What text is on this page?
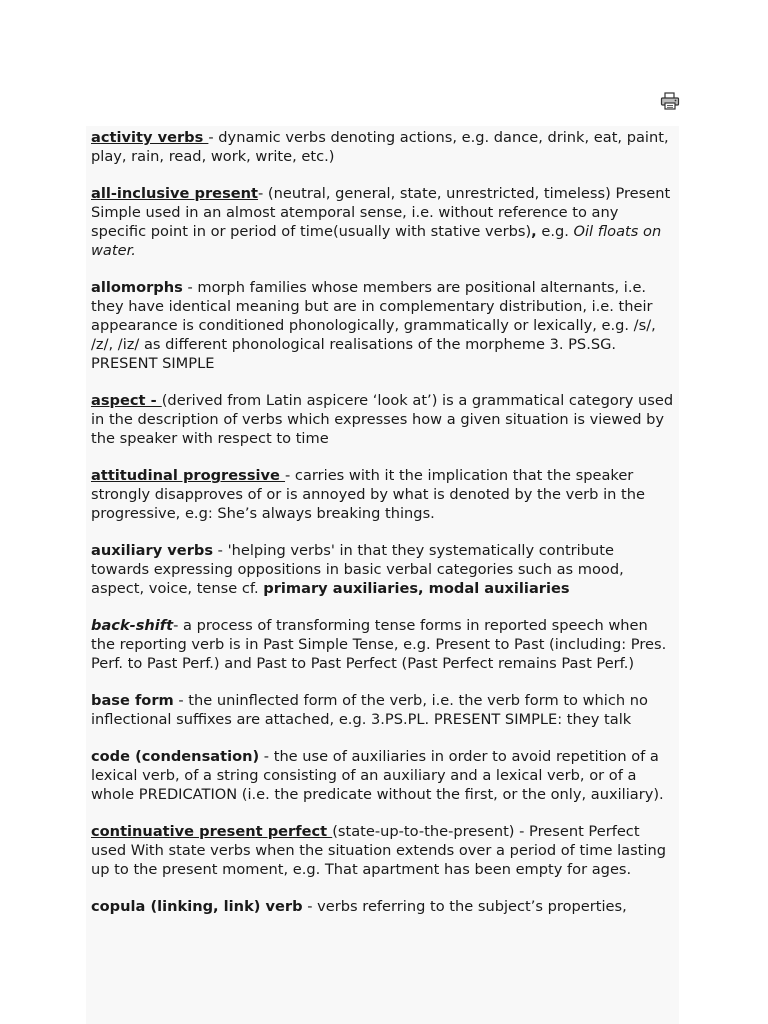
activity verbs - dynamic verbs denoting actions, e.g. dance, drink, eat, paint, play, rain, read, work, write, etc.)

all-inclusive present- (neutral, general, state, unrestricted, timeless) Present Simple used in an almost atemporal sense, i.e. without reference to any specific point in or period of time(usually with stative verbs), e.g. Oil floats on water.

allomorphs - morph families whose members are positional alternants, i.e. they have identical meaning but are in complementary distribution, i.e. their appearance is conditioned phonologically, grammatically or lexically, e.g. /s/, /z/, /iz/ as different phonological realisations of the morpheme 3. PS.SG. PRESENT SIMPLE

aspect - (derived from Latin aspicere ‘look at’) is a grammatical category used in the description of verbs which expresses how a given situation is viewed by the speaker with respect to time

attitudinal progressive - carries with it the implication that the speaker strongly disapproves of or is annoyed by what is denoted by the verb in the progressive, e.g: She’s always breaking things.

auxiliary verbs - 'helping verbs' in that they systematically contribute towards expressing oppositions in basic verbal categories such as mood, aspect, voice, tense cf. primary auxiliaries, modal auxiliaries

back-shift- a process of transforming tense forms in reported speech when the reporting verb is in Past Simple Tense, e.g. Present to Past (including: Pres. Perf. to Past Perf.) and Past to Past Perfect (Past Perfect remains Past Perf.)

base form - the uninflected form of the verb, i.e. the verb form to which no inflectional suffixes are attached, e.g. 3.PS.PL. PRESENT SIMPLE: they talk

code (condensation) - the use of auxiliaries in order to avoid repetition of a lexical verb, of a string consisting of an auxiliary and a lexical verb, or of a whole PREDICATION (i.e. the predicate without the first, or the only, auxiliary).

continuative present perfect (state-up-to-the-present) - Present Perfect used With state verbs when the situation extends over a period of time lasting up to the present moment, e.g. That apartment has been empty for ages.

copula (linking, link) verb - verbs referring to the subject’s properties,
